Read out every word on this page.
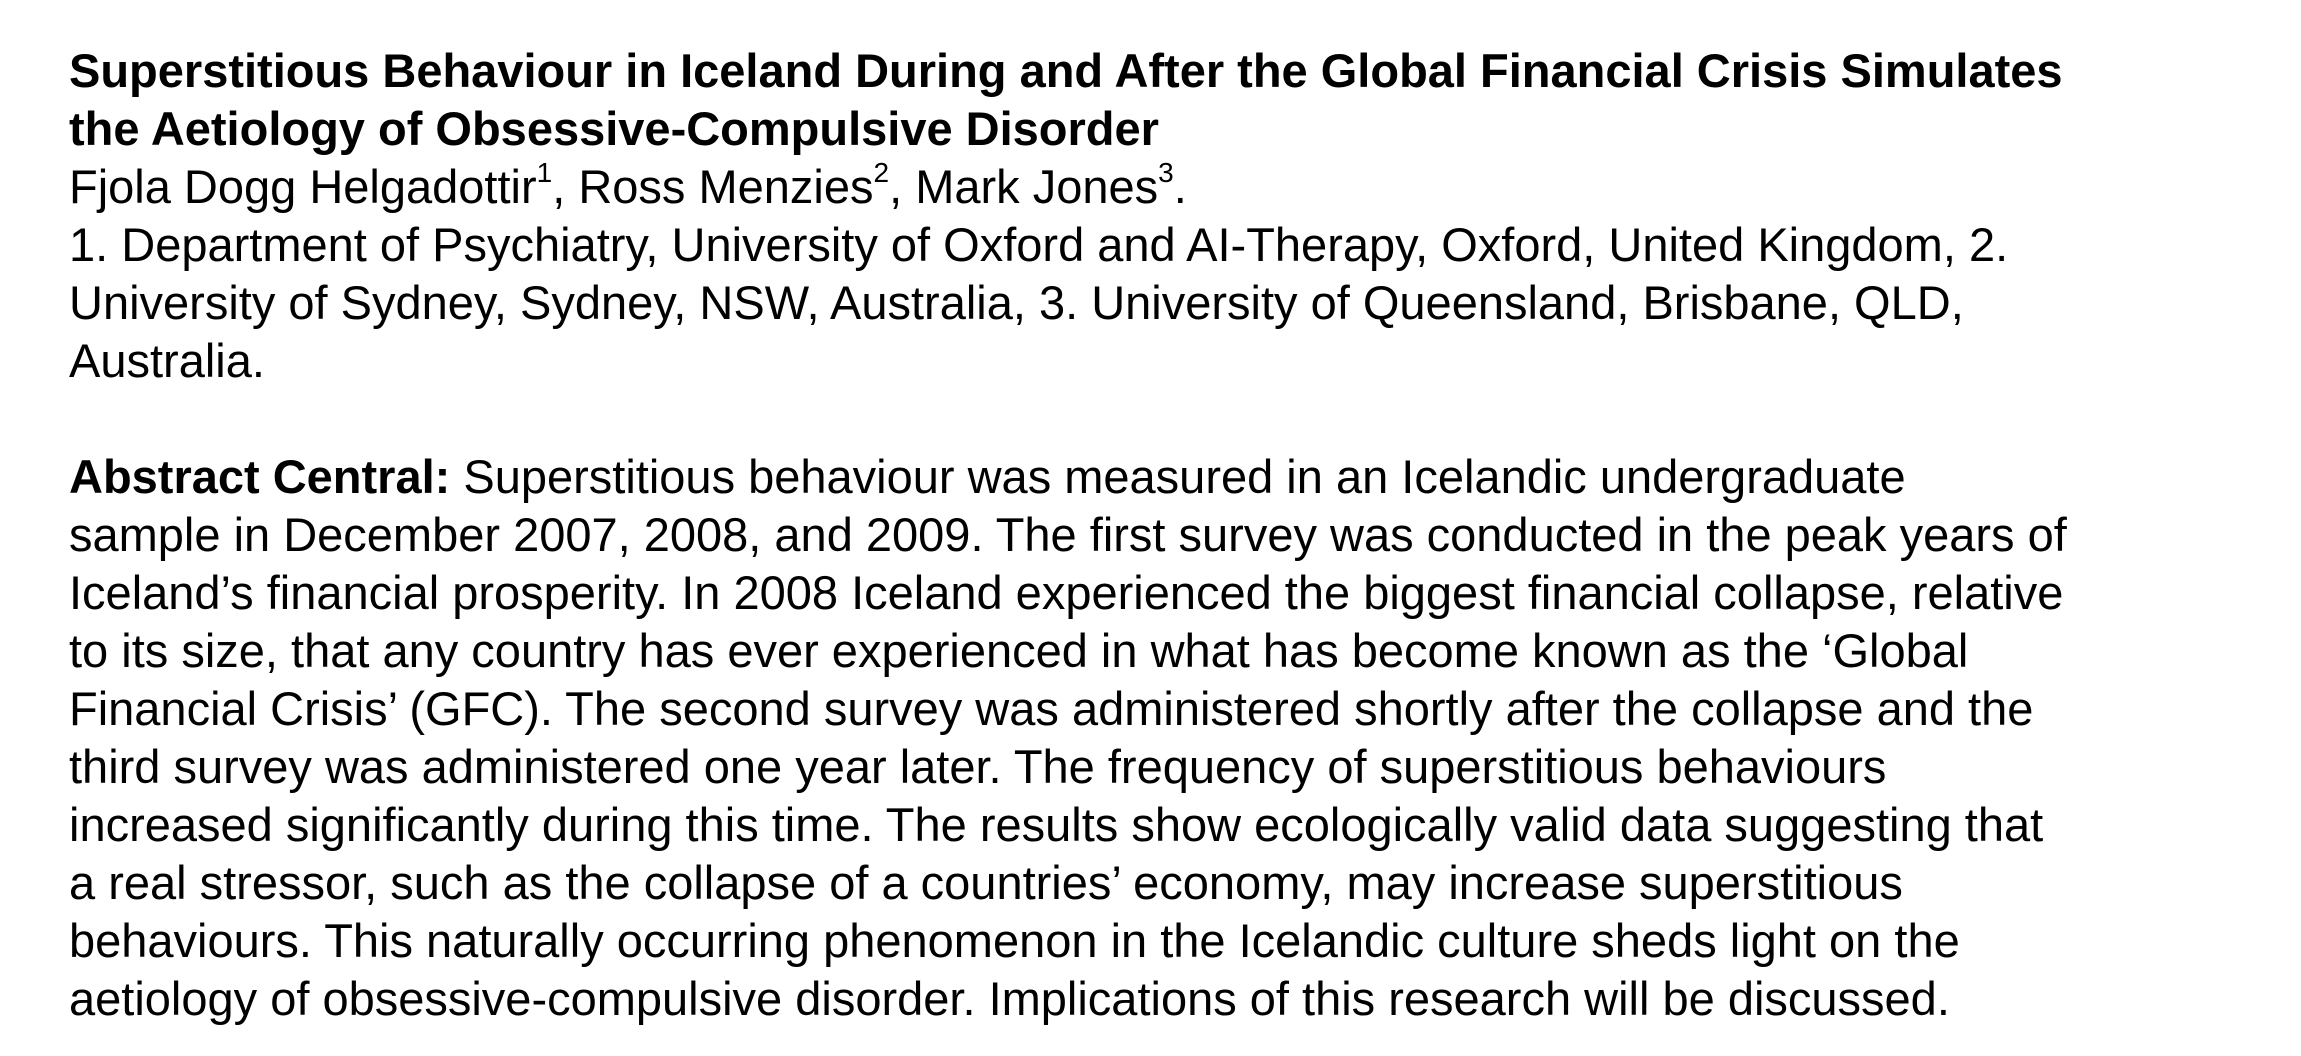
Superstitious Behaviour in Iceland During and After the Global Financial Crisis Simulates
the Aetiology of Obsessive-Compulsive Disorder
Fjola Dogg Helgadottir$^1$, Ross Menzies$^2$, Mark Jones$^3$.
1. Department of Psychiatry, University of Oxford and AI-Therapy, Oxford, United Kingdom, 2.
University of Sydney, Sydney, NSW, Australia, 3. University of Queensland, Brisbane, QLD,
Australia.
Abstract Central: Superstitious behaviour was measured in an Icelandic undergraduate
sample in December 2007, 2008, and 2009. The first survey was conducted in the peak years of
Iceland’s financial prosperity. In 2008 Iceland experienced the biggest financial collapse, relative
to its size, that any country has ever experienced in what has become known as the ‘Global
Financial Crisis’ (GFC). The second survey was administered shortly after the collapse and the
third survey was administered one year later. The frequency of superstitious behaviours
increased significantly during this time. The results show ecologically valid data suggesting that
a real stressor, such as the collapse of a countries’ economy, may increase superstitious
behaviours. This naturally occurring phenomenon in the Icelandic culture sheds light on the
aetiology of obsessive-compulsive disorder. Implications of this research will be discussed.
